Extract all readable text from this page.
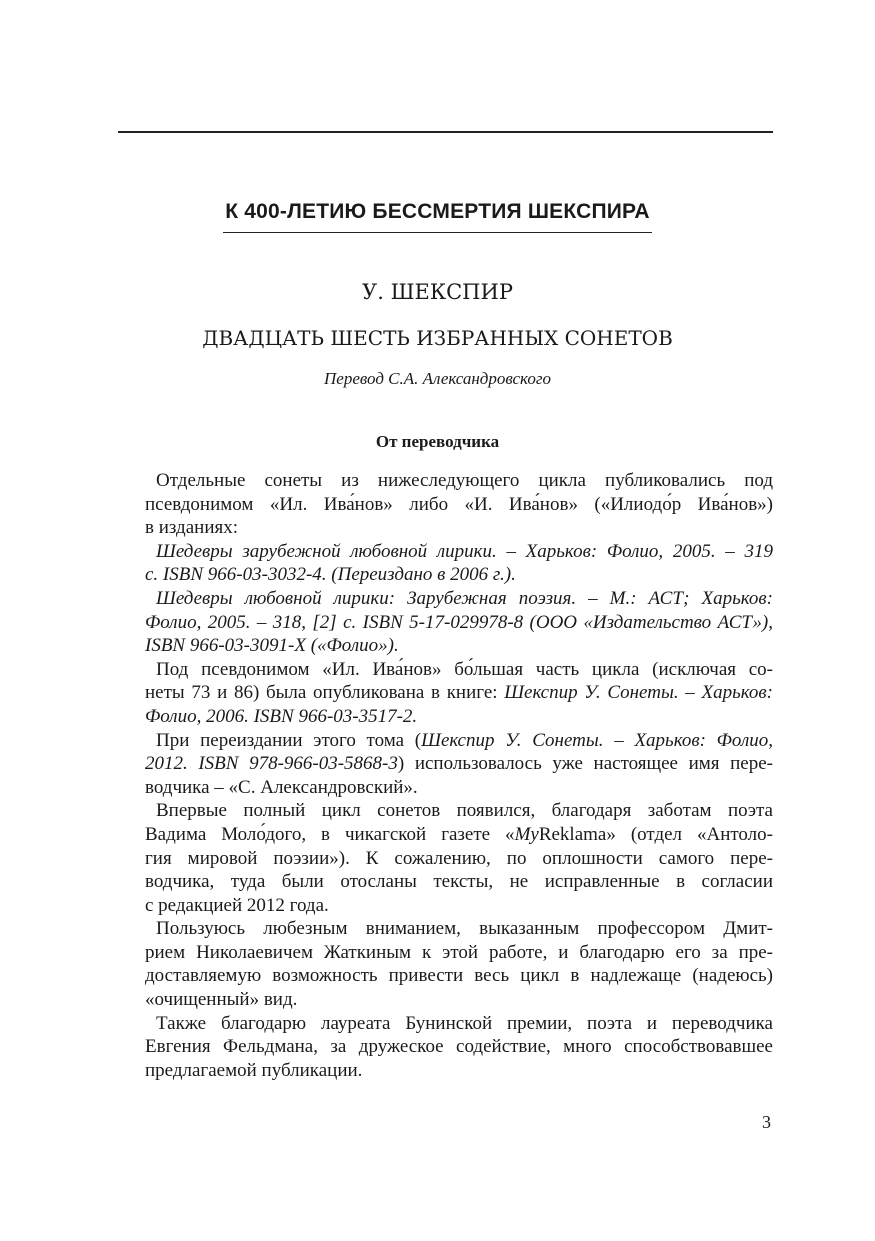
К 400-ЛЕТИЮ БЕССМЕРТИЯ ШЕКСПИРА
У. ШЕКСПИР
ДВАДЦАТЬ ШЕСТЬ ИЗБРАННЫХ СОНЕТОВ
Перевод С.А. Александровского
От переводчика
Отдельные сонеты из нижеследующего цикла публиковались под
псевдонимом «Ил. Ива́нов» либо «И. Ива́нов» («Илиодо́р Ива́нов»)
в изданиях:
Шедевры зарубежной любовной лирики. – Харьков: Фолио, 2005. – 319
с. ISBN 966-03-3032-4. (Переиздано в 2006 г.).
Шедевры любовной лирики: Зарубежная поэзия. – М.: АСТ; Харьков:
Фолио, 2005. – 318, [2] с. ISBN 5-17-029978-8 (ООО «Издательство АСТ»),
ISBN 966-03-3091-X («Фолио»).
Под псевдонимом «Ил. Ива́нов» бо́льшая часть цикла (исключая со-
неты 73 и 86) была опубликована в книге: Шекспир У. Сонеты. – Харьков:
Фолио, 2006. ISBN 966-03-3517-2.
При переиздании этого тома (Шекспир У. Сонеты. – Харьков: Фолио,
2012. ISBN 978-966-03-5868-3) использовалось уже настоящее имя пере-
водчика – «С. Александровский».
Впервые полный цикл сонетов появился, благодаря заботам поэта
Вадима Моло́дого, в чикагской газете «MyReklama» (отдел «Антоло-
гия мировой поэзии»). К сожалению, по оплошности самого пере-
водчика, туда были отосланы тексты, не исправленные в согласии
с редакцией 2012 года.
Пользуюсь любезным вниманием, выказанным профессором Дмит-
рием Николаевичем Жаткиным к этой работе, и благодарю его за пре-
доставляемую возможность привести весь цикл в надлежаще (надеюсь)
«очищенный» вид.
Также благодарю лауреата Бунинской премии, поэта и переводчика
Евгения Фельдмана, за дружеское содействие, много способствовавшее
предлагаемой публикации.
3
